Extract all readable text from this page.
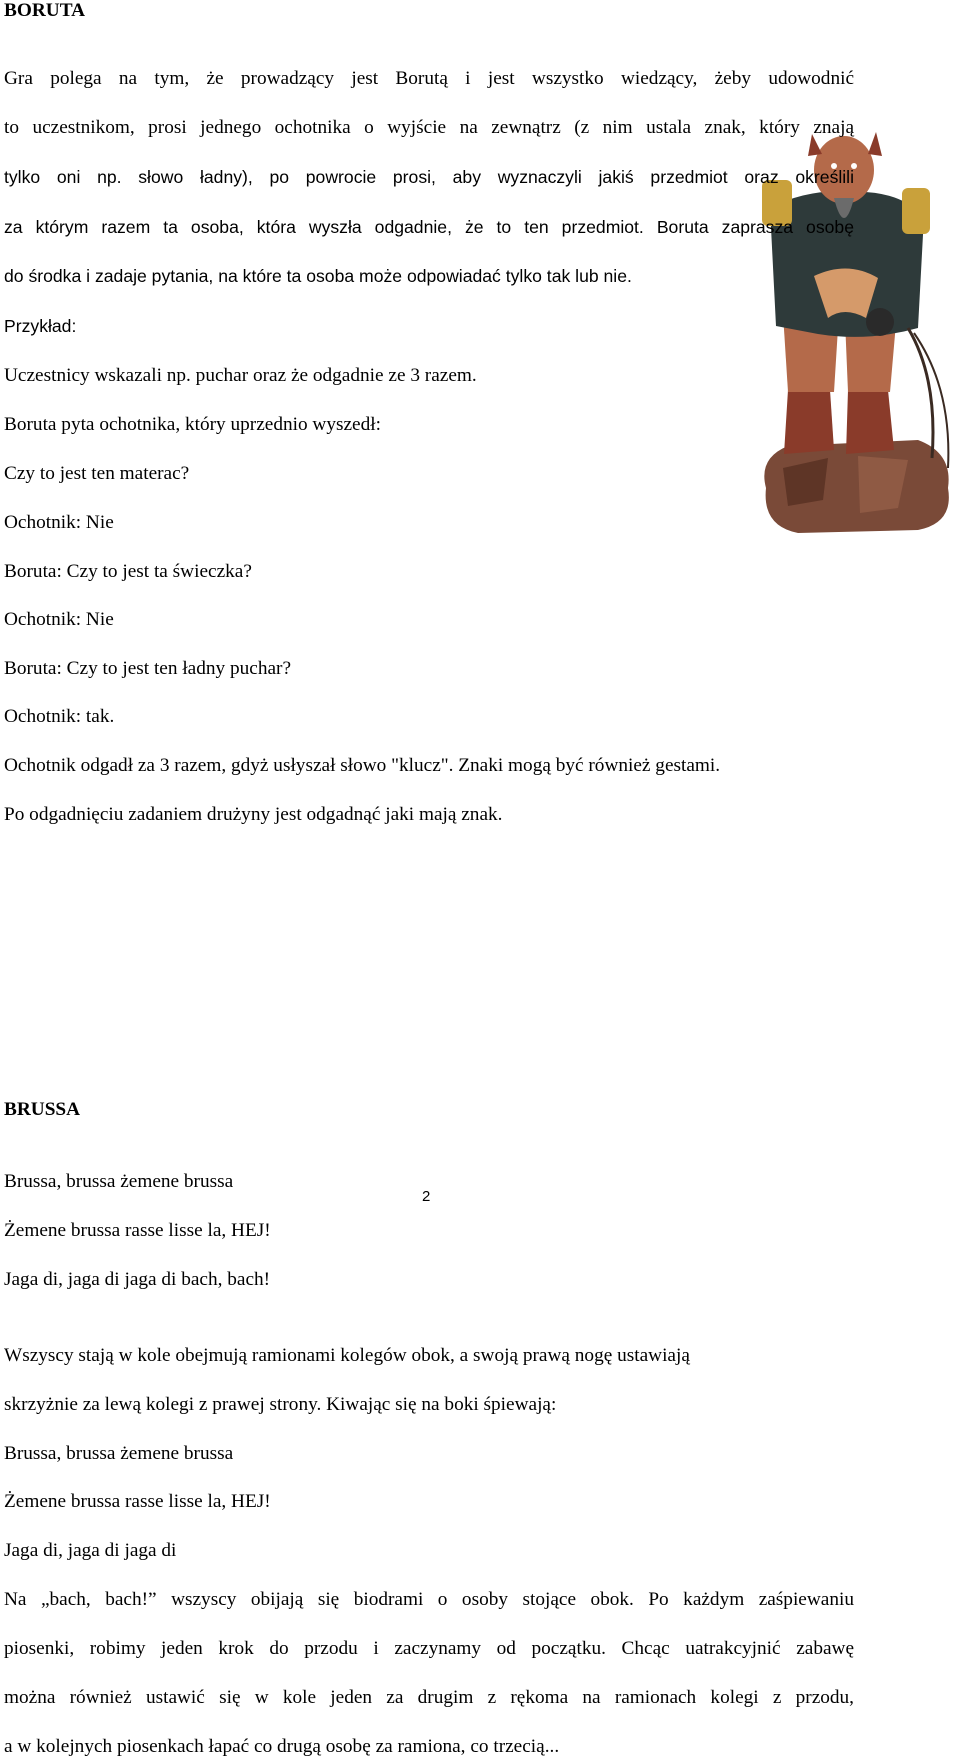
BORUTA
Gra polega na tym, że prowadzący jest Borutą i jest wszystko wiedzący, żeby udowodnić
to uczestnikom, prosi jednego ochotnika o wyjście na zewnątrz (z nim ustala znak, który znają
tylko oni np. słowo ładny), po powrocie prosi, aby wyznaczyli jakiś przedmiot oraz określili
za którym razem ta osoba, która wyszła odgadnie, że to ten przedmiot. Boruta zaprasza osobę
do środka i zadaje pytania, na które ta osoba może odpowiadać tylko tak lub nie.
Przykład:
Uczestnicy wskazali np. puchar oraz że odgadnie ze 3 razem.
Boruta pyta ochotnika, który uprzednio wyszedł:
Czy to jest ten materac?
Ochotnik: Nie
Boruta: Czy to jest ta świeczka?
Ochotnik: Nie
Boruta: Czy to jest ten ładny puchar?
Ochotnik: tak.
Ochotnik odgadł za 3 razem, gdyż usłyszał słowo "klucz". Znaki mogą być również gestami.
Po odgadnięciu zadaniem drużyny jest odgadnąć jaki mają znak.
BRUSSA
Brussa, brussa żemene brussa
Żemene brussa rasse lisse la, HEJ!
Jaga di, jaga di jaga di bach, bach!
Wszyscy stają w kole obejmują ramionami kolegów obok, a swoją prawą nogę ustawiają
skrzyżnie za lewą kolegi z prawej strony. Kiwając się na boki śpiewają:
Brussa, brussa żemene brussa
Żemene brussa rasse lisse la, HEJ!
Jaga di, jaga di jaga di
Na „bach, bach!” wszyscy obijają się biodrami o osoby stojące obok. Po każdym zaśpiewaniu
piosenki, robimy jeden krok do przodu i zaczynamy od początku. Chcąc uatrakcyjnić zabawę
można również ustawić się w kole jeden za drugim z rękoma na ramionach kolegi z przodu,
a w kolejnych piosenkach łapać co drugą osobę za ramiona, co trzecią...
2
